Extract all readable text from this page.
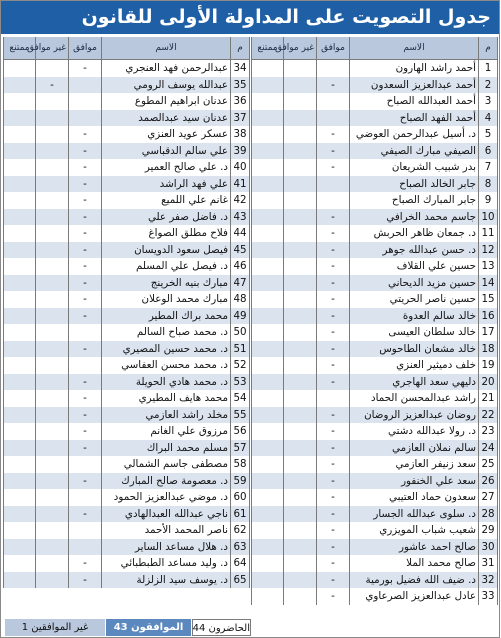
جدول التصويت على المداولة الأولى للقانون
م	الاسم	موافق	غير موافق	ممتنع
1	أحمد راشد الهارون			
2	أحمد عبدالعزيز السعدون	-		
3	أحمد العبدالله الصباح			
4	أحمد الفهد الصباح			
5	د. أسيل عبدالرحمن العوضي	-		
6	الصيفي مبارك الصيفي	-		
7	بدر شبيب الشريعان	-		
8	جابر الخالد الصباح			
9	جابر المبارك الصباح			
10	جاسم محمد الخرافي	-		
11	د. جمعان ظاهر الحربش	-		
12	د. حسن عبدالله جوهر	-		
13	حسين علي القلاف	-		
14	حسين مزيد الديحاني	-		
15	حسين ناصر الحريتي	-		
16	خالد سالم العدوة	-		
17	خالد سلطان العيسى	-		
18	خالد مشعان الطاحوس	-		
19	خلف دميثير العنزي	-		
20	دليهي سعد الهاجري	-		
21	راشد عبدالمحسن الحماد			
22	روضان عبدالعزيز الروضان	-		
23	د. رولا عبدالله دشتي	-		
24	سالم نملان العازمي	-		
25	سعد زنيفر العازمي	-		
26	سعد علي الخنفور	-		
27	سعدون حماد العتيبي	-		
28	د. سلوى عبدالله الجسار	-		
29	شعيب شباب المويزري	-		
30	صالح احمد عاشور	-		
31	صالح محمد الملا	-		
32	د. ضيف الله فضيل بورمية	-		
33	عادل عبدالعزيز الصرعاوي	-		
م	الاسم	موافق	غير موافق	ممتنع
34	عبدالرحمن فهد العنجري	-		
35	عبدالله يوسف الرومي		-	
36	عدنان ابراهيم المطوع			
37	عدنان سيد عبدالصمد			
38	عسكر عويد العنزي	-		
39	علي سالم الدقباسي	-		
40	د. علي صالح العمير	-		
41	علي فهد الراشد	-		
42	غانم علي اللميع	-		
43	د. فاضل صفر علي	-		
44	فلاح مطلق الصواغ	-		
45	فيصل سعود الدويسان	-		
46	د. فيصل علي المسلم	-		
47	مبارك بنيه الخرينج	-		
48	مبارك محمد الوعلان	-		
49	محمد براك المطير	-		
50	د. محمد صباح السالم			
51	د. محمد حسين المصيري	-		
52	د. محمد محسن العفاسي			
53	د. محمد هادي الحويلة	-		
54	محمد هايف المطيري	-		
55	مخلد راشد العازمي	-		
56	مرزوق علي الغانم	-		
57	مسلم محمد البراك	-		
58	مصطفى جاسم الشمالي			
59	د. معصومة صالح المبارك	-		
60	د. موضي عبدالعزيز الحمود			
61	ناجي عبدالله العبدالهادي	-		
62	ناصر المحمد الأحمد			
63	د. هلال مساعد الساير			
64	د. وليد مساعد الطبطبائي	-		
65	د. يوسف سيد الزلزلة	-		
الحاضرون 44
الموافقون 43
غير الموافقين 1
